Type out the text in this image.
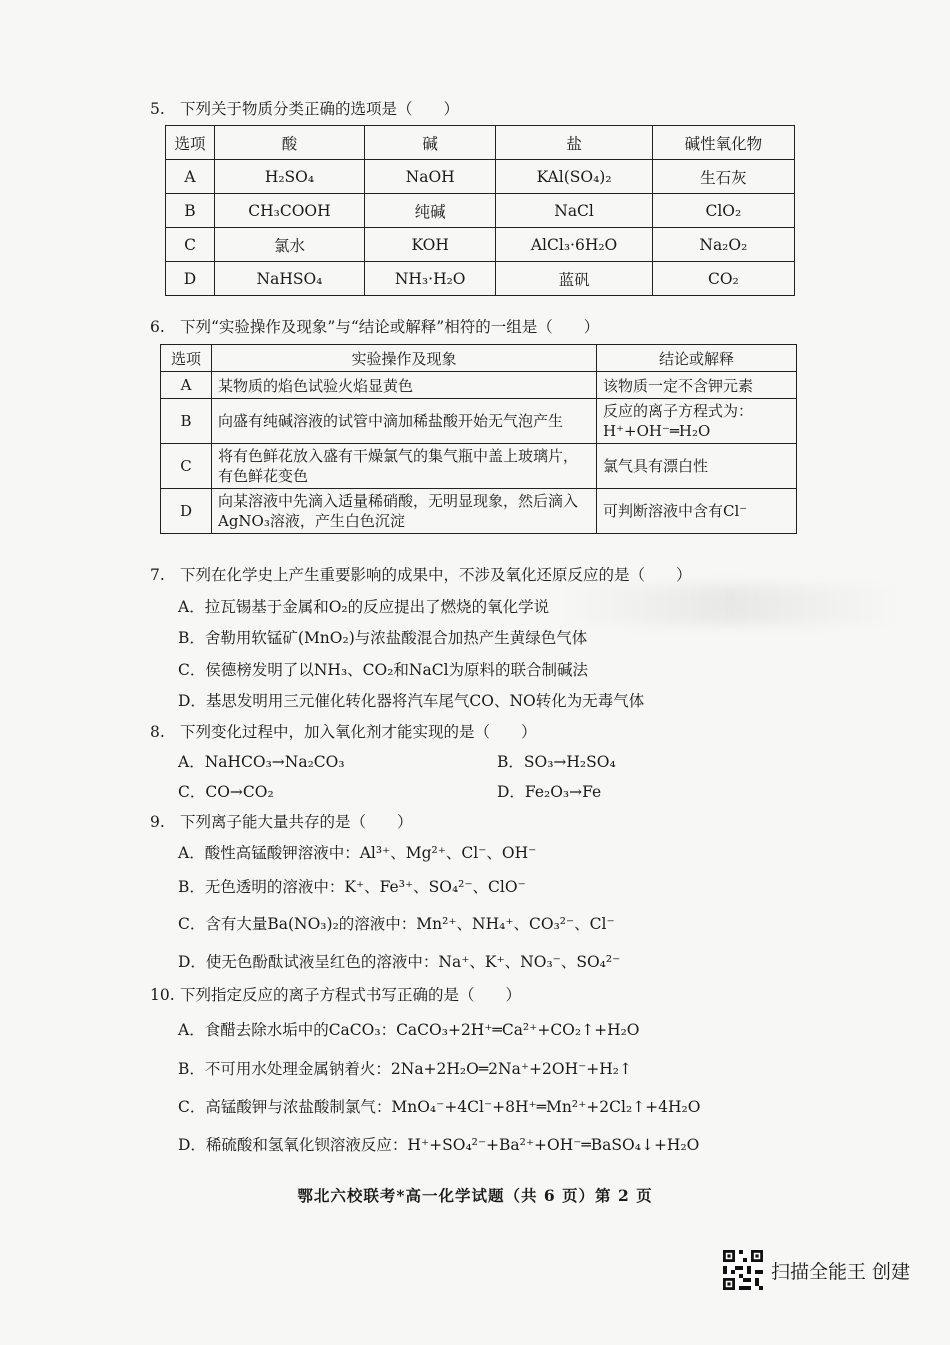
5. 下列关于物质分类正确的选项是（　　）
选项	酸	碱	盐	碱性氧化物
A	H₂SO₄	NaOH	KAl(SO₄)₂	生石灰
B	CH₃COOH	纯碱	NaCl	ClO₂
C	氯水	KOH	AlCl₃·6H₂O	Na₂O₂
D	NaHSO₄	NH₃·H₂O	蓝矾	CO₂
6. 下列“实验操作及现象”与“结论或解释”相符的一组是（　　）
选项	实验操作及现象	结论或解释
A	某物质的焰色试验火焰显黄色	该物质一定不含钾元素
B	向盛有纯碱溶液的试管中滴加稀盐酸开始无气泡产生	反应的离子方程式为：H⁺+OH⁻═H₂O
C	将有色鲜花放入盛有干燥氯气的集气瓶中盖上玻璃片，有色鲜花变色	氯气具有漂白性
D	向某溶液中先滴入适量稀硝酸，无明显现象，然后滴入AgNO₃溶液，产生白色沉淀	可判断溶液中含有Cl⁻
7. 下列在化学史上产生重要影响的成果中，不涉及氧化还原反应的是（　　）
A．拉瓦锡基于金属和O₂的反应提出了燃烧的氧化学说
B．舍勒用软锰矿(MnO₂)与浓盐酸混合加热产生黄绿色气体
C．侯德榜发明了以NH₃、CO₂和NaCl为原料的联合制碱法
D．基思发明用三元催化转化器将汽车尾气CO、NO转化为无毒气体
8. 下列变化过程中，加入氧化剂才能实现的是（　　）
A．NaHCO₃→Na₂CO₃	B．SO₃→H₂SO₄
C．CO→CO₂	D．Fe₂O₃→Fe
9. 下列离子能大量共存的是（　　）
A．酸性高锰酸钾溶液中：Al³⁺、Mg²⁺、Cl⁻、OH⁻
B．无色透明的溶液中：K⁺、Fe³⁺、SO₄²⁻、ClO⁻
C．含有大量Ba(NO₃)₂的溶液中：Mn²⁺、NH₄⁺、CO₃²⁻、Cl⁻
D．使无色酚酞试液呈红色的溶液中：Na⁺、K⁺、NO₃⁻、SO₄²⁻
10. 下列指定反应的离子方程式书写正确的是（　　）
A．食醋去除水垢中的CaCO₃：CaCO₃+2H⁺═Ca²⁺+CO₂↑+H₂O
B．不可用水处理金属钠着火：2Na+2H₂O═2Na⁺+2OH⁻+H₂↑
C．高锰酸钾与浓盐酸制氯气：MnO₄⁻+4Cl⁻+8H⁺═Mn²⁺+2Cl₂↑+4H₂O
D．稀硫酸和氢氧化钡溶液反应：H⁺+SO₄²⁻+Ba²⁺+OH⁻═BaSO₄↓+H₂O
鄂北六校联考*高一化学试题（共 6 页）第 2 页
扫描全能王 创建
